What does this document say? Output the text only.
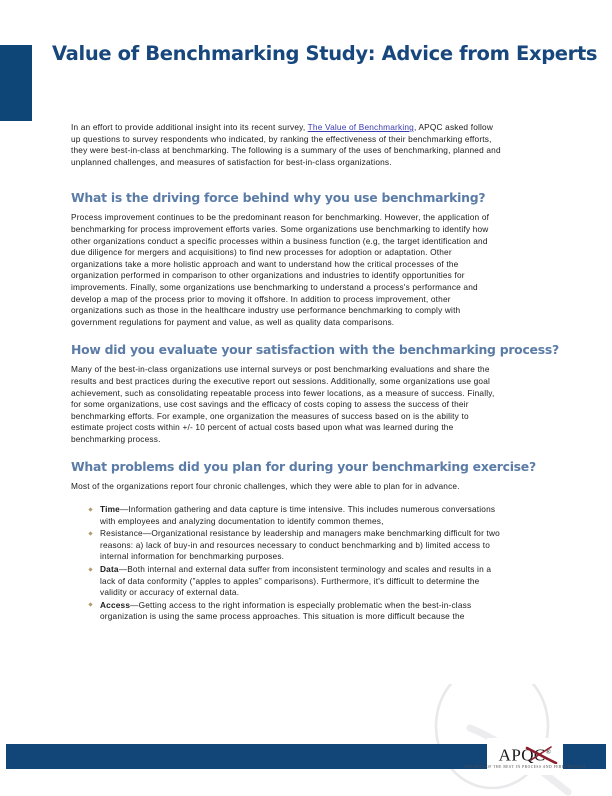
Value of Benchmarking Study: Advice from Experts

In an effort to provide additional insight into its recent survey, The Value of Benchmarking, APQC asked follow up questions to survey respondents who indicated, by ranking the effectiveness of their benchmarking efforts, they were best-in-class at benchmarking. The following is a summary of the uses of benchmarking, planned and unplanned challenges, and measures of satisfaction for best-in-class organizations.

What is the driving force behind why you use benchmarking?

Process improvement continues to be the predominant reason for benchmarking. However, the application of benchmarking for process improvement efforts varies. Some organizations use benchmarking to identify how other organizations conduct a specific processes within a business function (e.g, the target identification and due diligence for mergers and acquisitions) to find new processes for adoption or adaptation. Other organizations take a more holistic approach and want to understand how the critical processes of the organization performed in comparison to other organizations and industries to identify opportunities for improvements. Finally, some organizations use benchmarking to understand a process's performance and develop a map of the process prior to moving it offshore. In addition to process improvement, other organizations such as those in the healthcare industry use performance benchmarking to comply with government regulations for payment and value, as well as quality data comparisons.

How did you evaluate your satisfaction with the benchmarking process?

Many of the best-in-class organizations use internal surveys or post benchmarking evaluations and share the results and best practices during the executive report out sessions. Additionally, some organizations use goal achievement, such as consolidating repeatable process into fewer locations, as a measure of success. Finally, for some organizations, use cost savings and the efficacy of costs coping to assess the success of their benchmarking efforts. For example, one organization the measures of success based on is the ability to estimate project costs within +/- 10 percent of actual costs based upon what was learned during the benchmarking process.

What problems did you plan for during your benchmarking exercise?

Most of the organizations report four chronic challenges, which they were able to plan for in advance.

Time—Information gathering and data capture is time intensive. This includes numerous conversations with employees and analyzing documentation to identify common themes,
Resistance—Organizational resistance by leadership and managers make benchmarking difficult for two reasons: a) lack of buy-in and resources necessary to conduct benchmarking and b) limited access to internal information for benchmarking purposes.
Data—Both internal and external data suffer from inconsistent terminology and scales and results in a lack of data conformity (”apples to apples” comparisons). Furthermore, it's difficult to determine the validity or accuracy of external data.
Access—Getting access to the right information is especially problematic when the best-in-class organization is using the same process approaches. This situation is more difficult because the
APQC®
THE BEST OF THE BEST IN PROCESS AND PERFORMANCE
